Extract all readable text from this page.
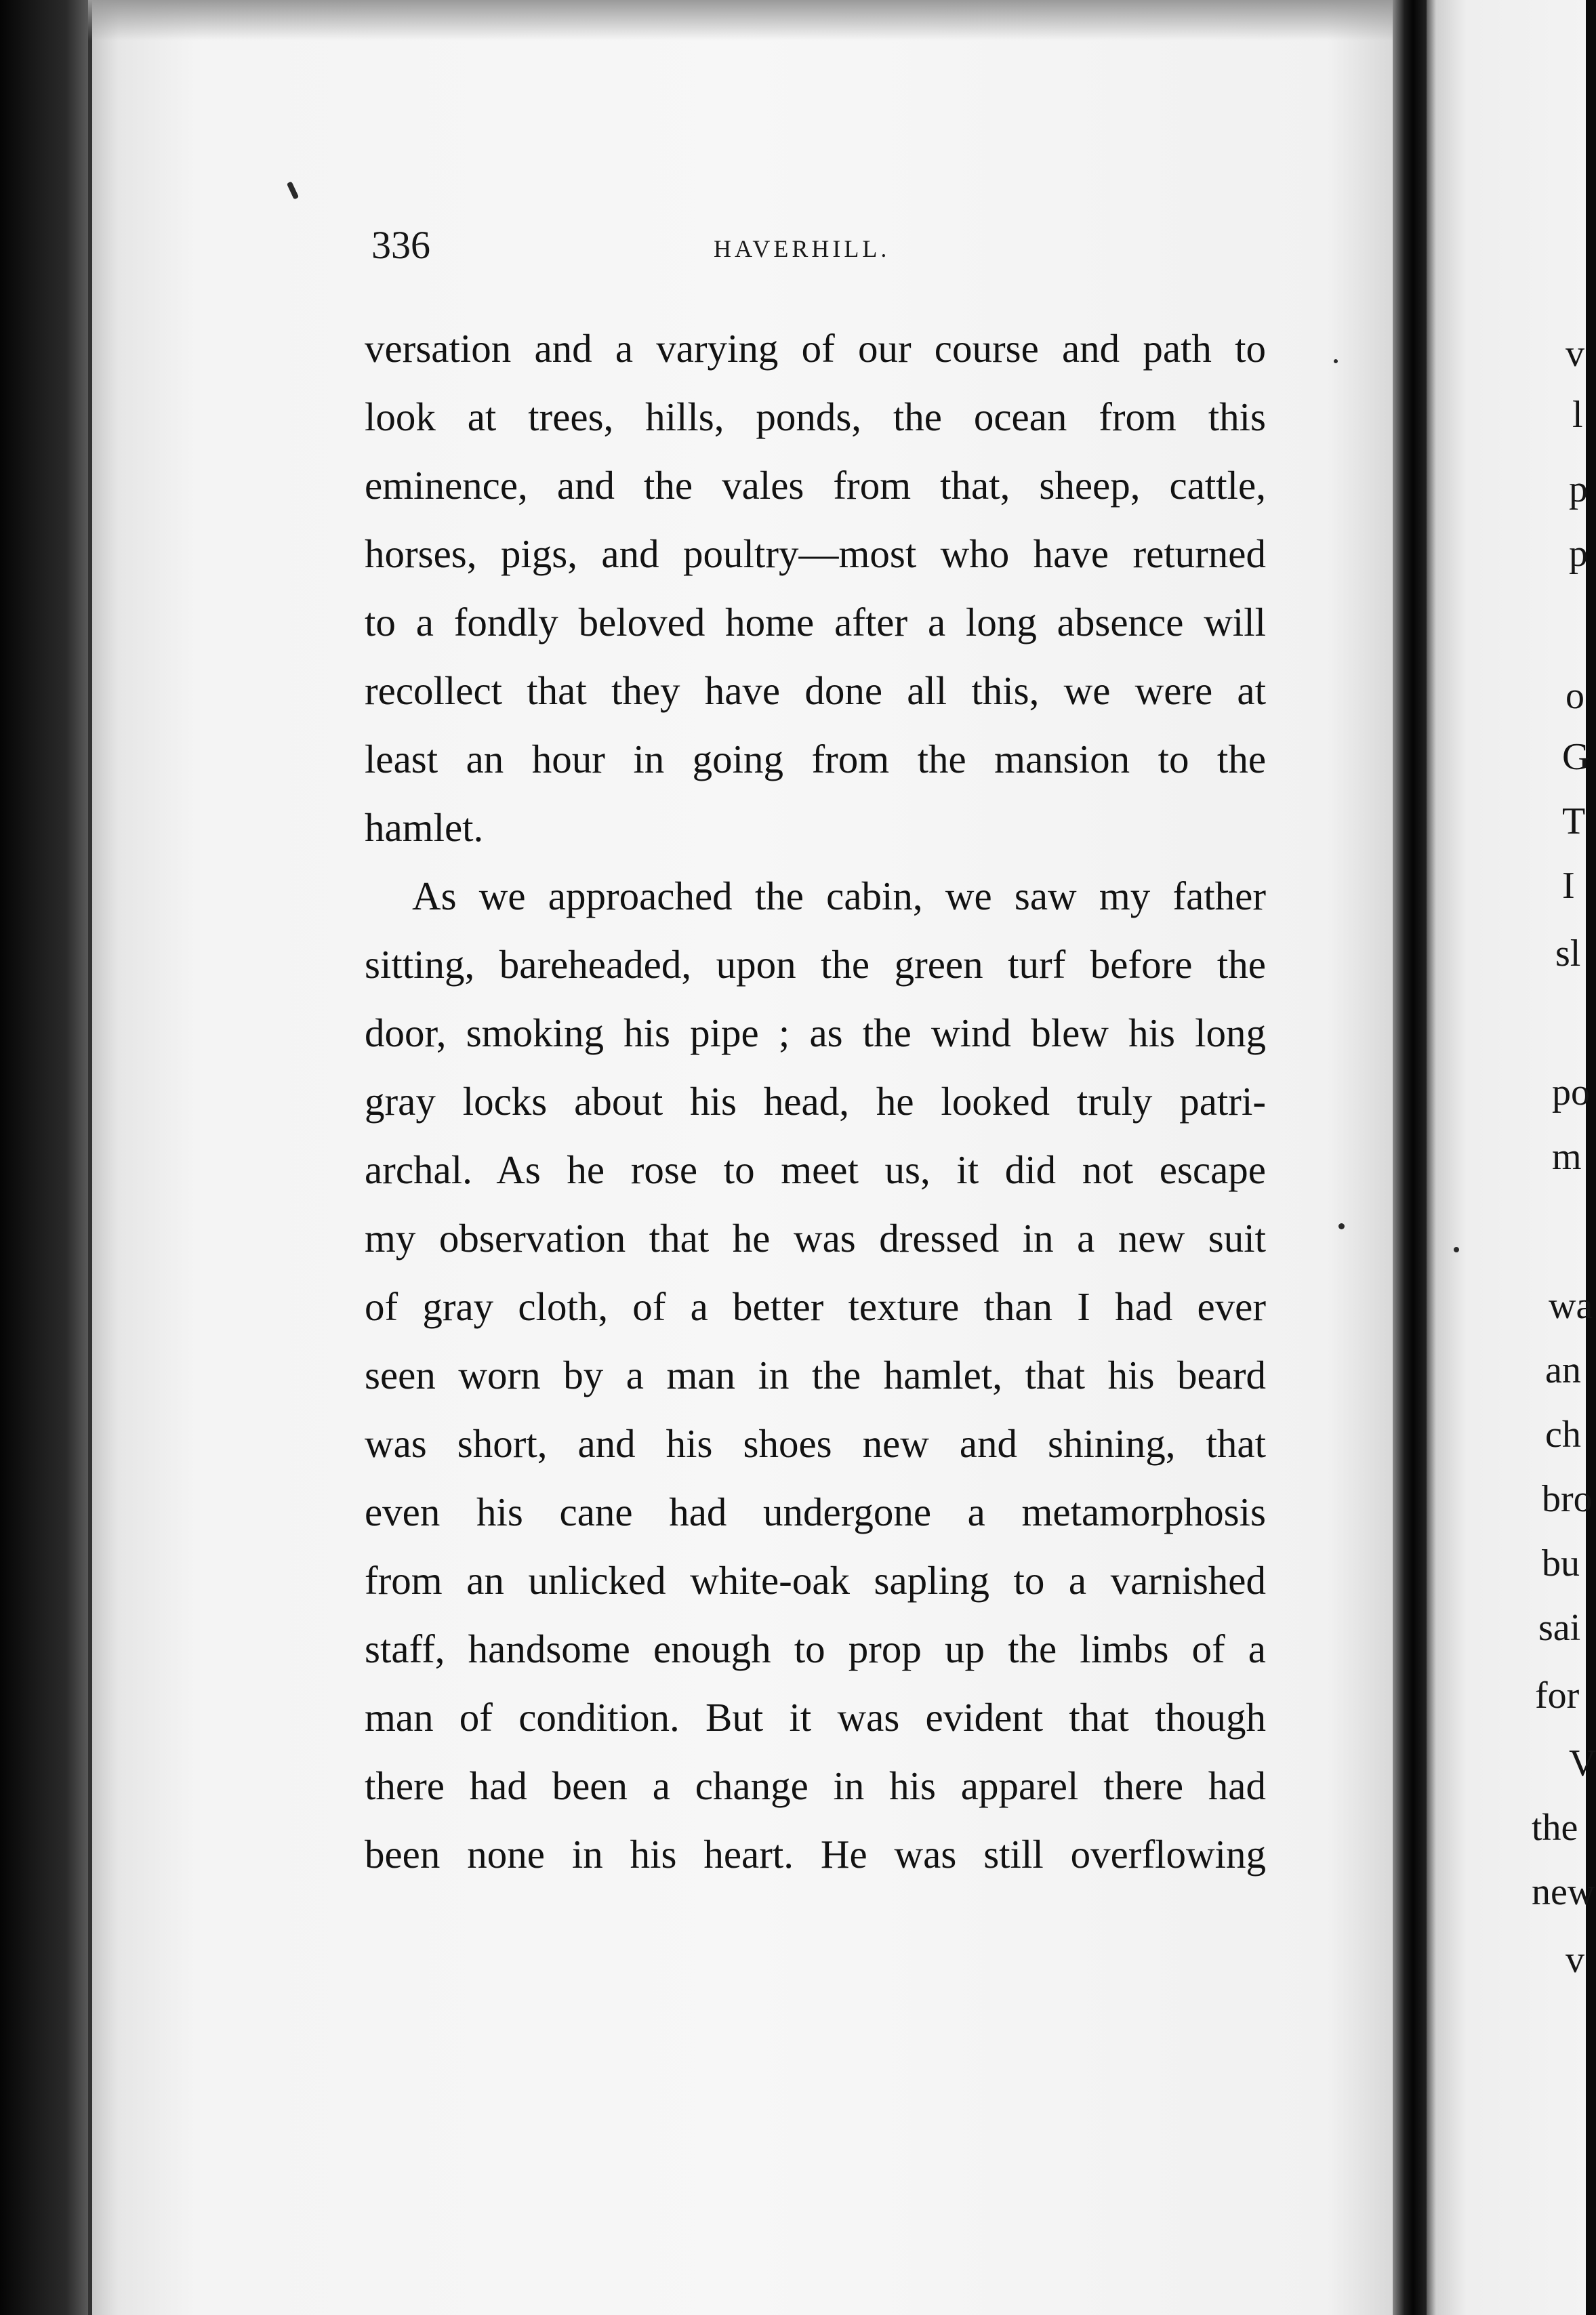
336	HAVERHILL.
versation and a varying of our course and path to
look at trees, hills, ponds, the ocean from this
eminence, and the vales from that, sheep, cattle,
horses, pigs, and poultry—most who have returned
to a fondly beloved home after a long absence will
recollect that they have done all this, we were at
least an hour in going from the mansion to the
hamlet.
As we approached the cabin, we saw my father
sitting, bareheaded, upon the green turf before the
door, smoking his pipe ; as the wind blew his long
gray locks about his head, he looked truly patri-
archal. As he rose to meet us, it did not escape
my observation that he was dressed in a new suit
of gray cloth, of a better texture than I had ever
seen worn by a man in the hamlet, that his beard
was short, and his shoes new and shining, that
even his cane had undergone a metamorphosis
from an unlicked white-oak sapling to a varnished
staff, handsome enough to prop up the limbs of a
man of condition. But it was evident that though
there had been a change in his apparel there had
been none in his heart. He was still overflowing
v
l
p
p
o
G
T
I
sl
po
m
wa
an
ch
bro
bu
sai
for
V
the
new
v
